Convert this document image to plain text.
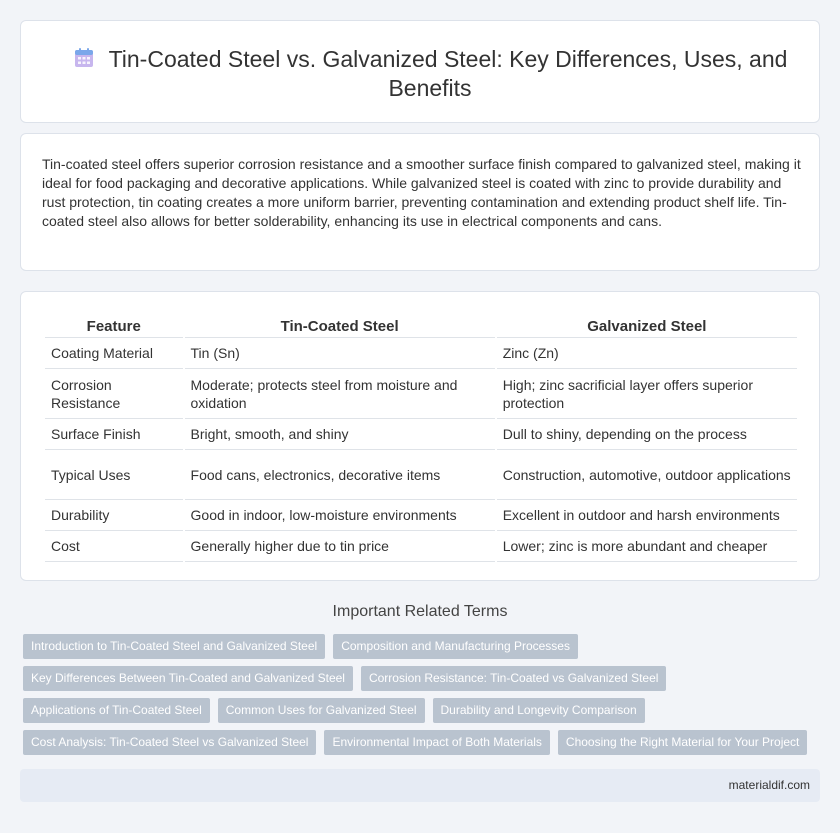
Tin-Coated Steel vs. Galvanized Steel: Key Differences, Uses, and Benefits

Tin-coated steel offers superior corrosion resistance and a smoother surface finish compared to galvanized steel, making it ideal for food packaging and decorative applications. While galvanized steel is coated with zinc to provide durability and rust protection, tin coating creates a more uniform barrier, preventing contamination and extending product shelf life. Tin-coated steel also allows for better solderability, enhancing its use in electrical components and cans.

Feature	Tin-Coated Steel	Galvanized Steel
Coating Material	Tin (Sn)	Zinc (Zn)
Corrosion Resistance	Moderate; protects steel from moisture and oxidation	High; zinc sacrificial layer offers superior protection
Surface Finish	Bright, smooth, and shiny	Dull to shiny, depending on the process
Typical Uses	Food cans, electronics, decorative items	Construction, automotive, outdoor applications
Durability	Good in indoor, low-moisture environments	Excellent in outdoor and harsh environments
Cost	Generally higher due to tin price	Lower; zinc is more abundant and cheaper
Important Related Terms
Introduction to Tin-Coated Steel and Galvanized Steel	Composition and Manufacturing Processes
Key Differences Between Tin-Coated and Galvanized Steel	Corrosion Resistance: Tin-Coated vs Galvanized Steel
Applications of Tin-Coated Steel	Common Uses for Galvanized Steel	Durability and Longevity Comparison
Cost Analysis: Tin-Coated Steel vs Galvanized Steel	Environmental Impact of Both Materials	Choosing the Right Material for Your Project
materialdif.com
